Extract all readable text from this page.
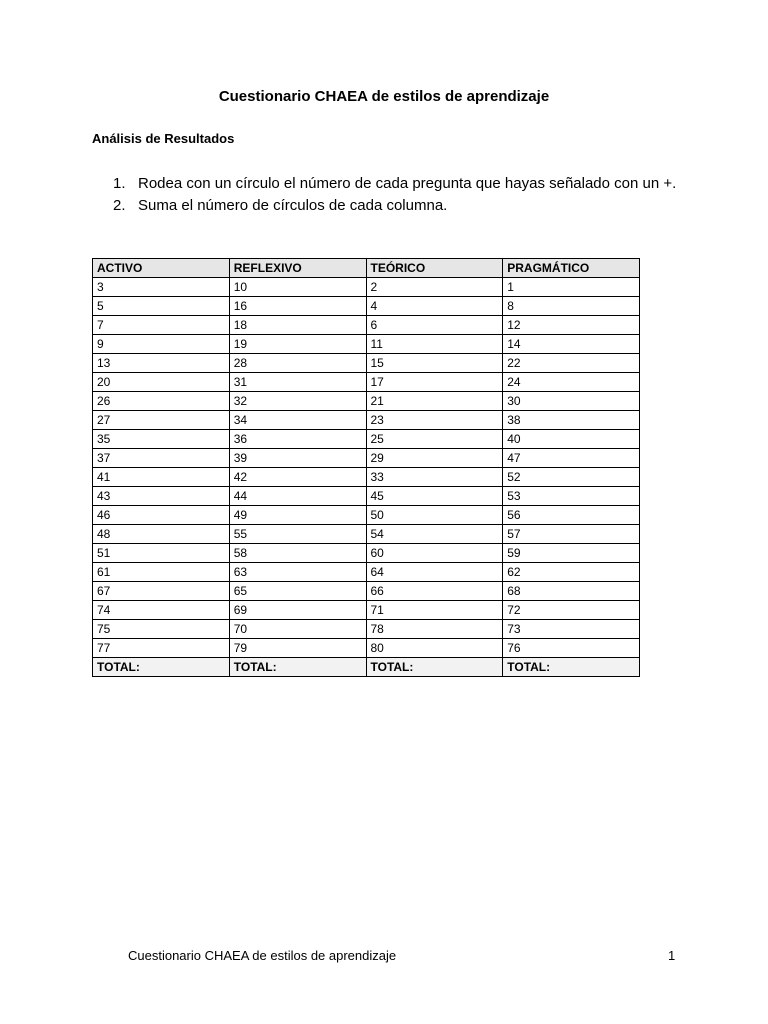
Cuestionario CHAEA de estilos de aprendizaje
Análisis de Resultados
1. Rodea con un círculo el número de cada pregunta que hayas señalado con un +.
2. Suma el número de círculos de cada columna.
ACTIVO	REFLEXIVO	TEÓRICO	PRAGMÁTICO
3	10	2	1
5	16	4	8
7	18	6	12
9	19	11	14
13	28	15	22
20	31	17	24
26	32	21	30
27	34	23	38
35	36	25	40
37	39	29	47
41	42	33	52
43	44	45	53
46	49	50	56
48	55	54	57
51	58	60	59
61	63	64	62
67	65	66	68
74	69	71	72
75	70	78	73
77	79	80	76
TOTAL:	TOTAL:	TOTAL:	TOTAL:
Cuestionario CHAEA de estilos de aprendizaje	1
